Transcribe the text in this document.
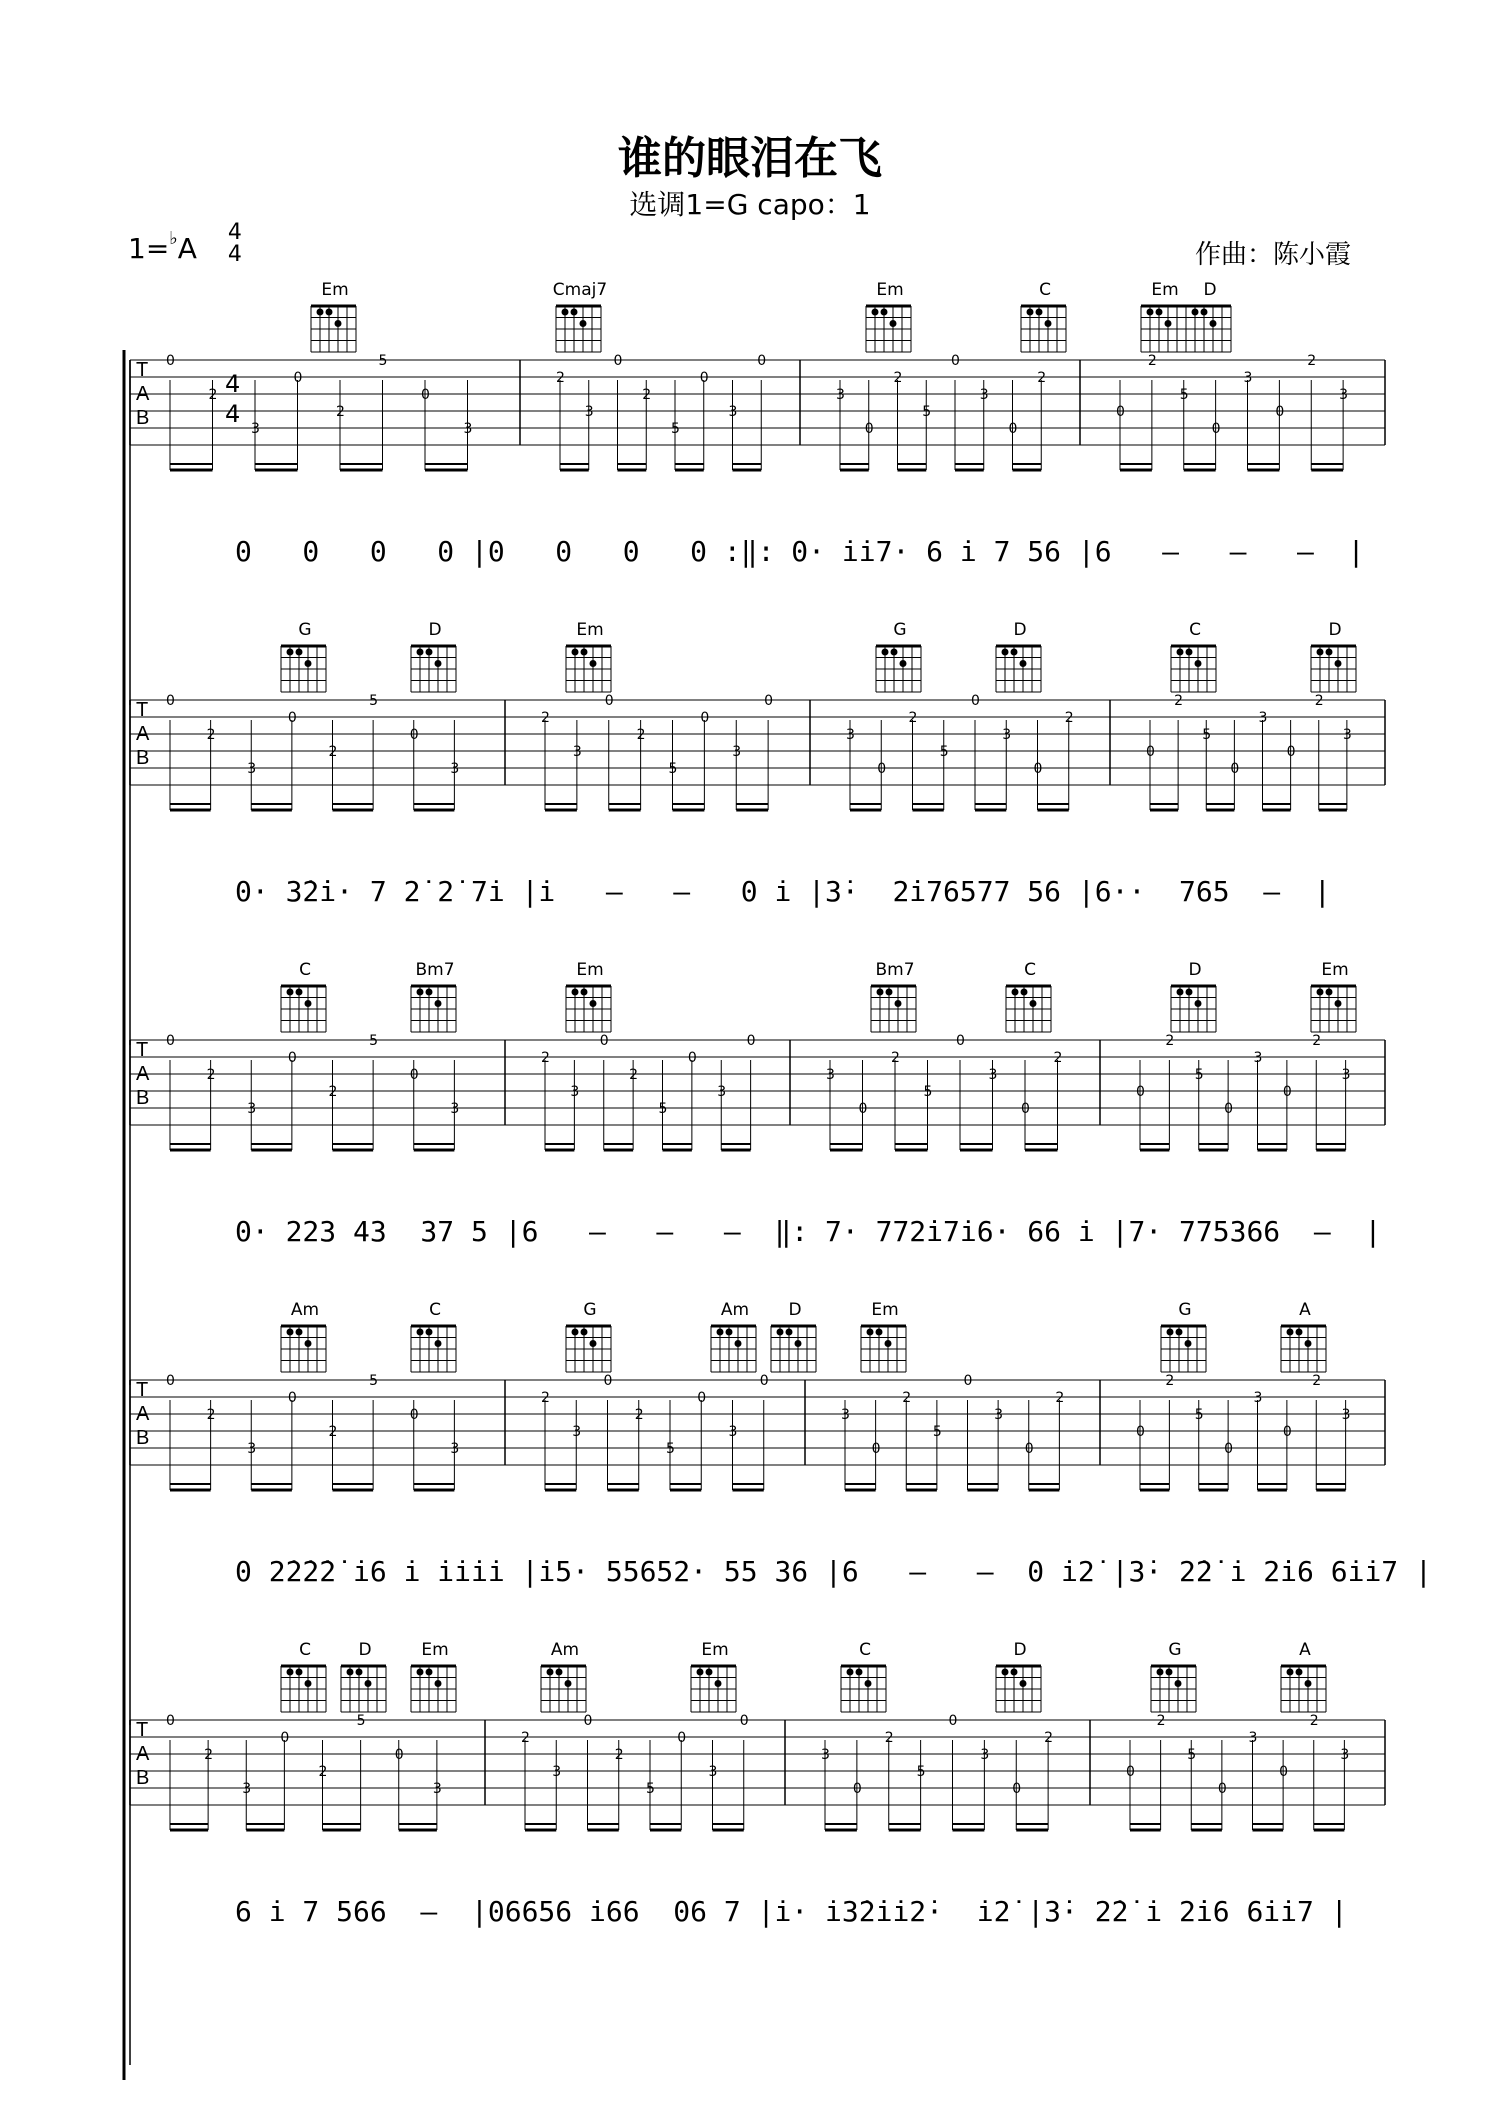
谁的眼泪在飞
选调1=G capo：1
1=♭A 4
4	作曲：陈小霞
Em	Cmaj7	Em	C	D
Em
T
A
B
4
4
0
2
3
0
2
5
0
3
2
3
0
2
5
0
3
0
3
0
2
5
0
3
0
2
0
2
5
0
3
0
2
3
0   0   0   0 |0   0   0   0 :‖: 0· i̇i̇7· 6 i̇ 7 56 |6   –   –   –  |
G	D	Em	G	D	C	D
T
A
B
0
2
3
0
2
5
0
3
2
3
0
2
5
0
3
0
3
0
2
5
0
3
0
2
0
2
5
0
3
0
2
3
0· 3̇2̇i̇· 7 2̇ 2̇ 7i̇ |i̇   –   –   0 i̇ |3̇·  2̇i̇76577 56 |6··  765  –  |
C	Bm7	Em	Bm7	C	D	Em
T
A
B
0
2
3
0
2
5
0
3
2
3
0
2
5
0
3
0
3
0
2
5
0
3
0
2
0
2
5
0
3
0
2
3
0· 223 43  37 5 |6   –   –   –  ‖: 7· 772̇i̇7i̇6· 66 i̇ |7· 775366  –  |
Am	C	G	Am	D	Em	G	A
T
A
B
0
2
3
0
2
5
0
3
2
3
0
2
5
0
3
0
3
0
2
5
0
3
0
2
0
2
5
0
3
0
2
3
0 2̇2̇2̇2̇ i̇6 i̇ i̇i̇i̇i̇ |i̇5· 55652· 55 36 |6   –   –  0 i̇2̇ |3̇· 2̇2̇ i̇ 2̇i̇6 6i̇i̇7 |
C	D	Em	Am	Em	C	D	G	A
T
A
B
0
2
3
0
2
5
0
3
2
3
0
2
5
0
3
0
3
0
2
5
0
3
0
2
0
2
5
0
3
0
2
3
6 i̇ 7 566  –  |06656 i̇66  06 7 |i̇· i̇3̇2̇i̇i̇2̇·  i̇2̇ |3̇· 2̇2̇ i̇ 2̇i̇6 6i̇i̇7 |
